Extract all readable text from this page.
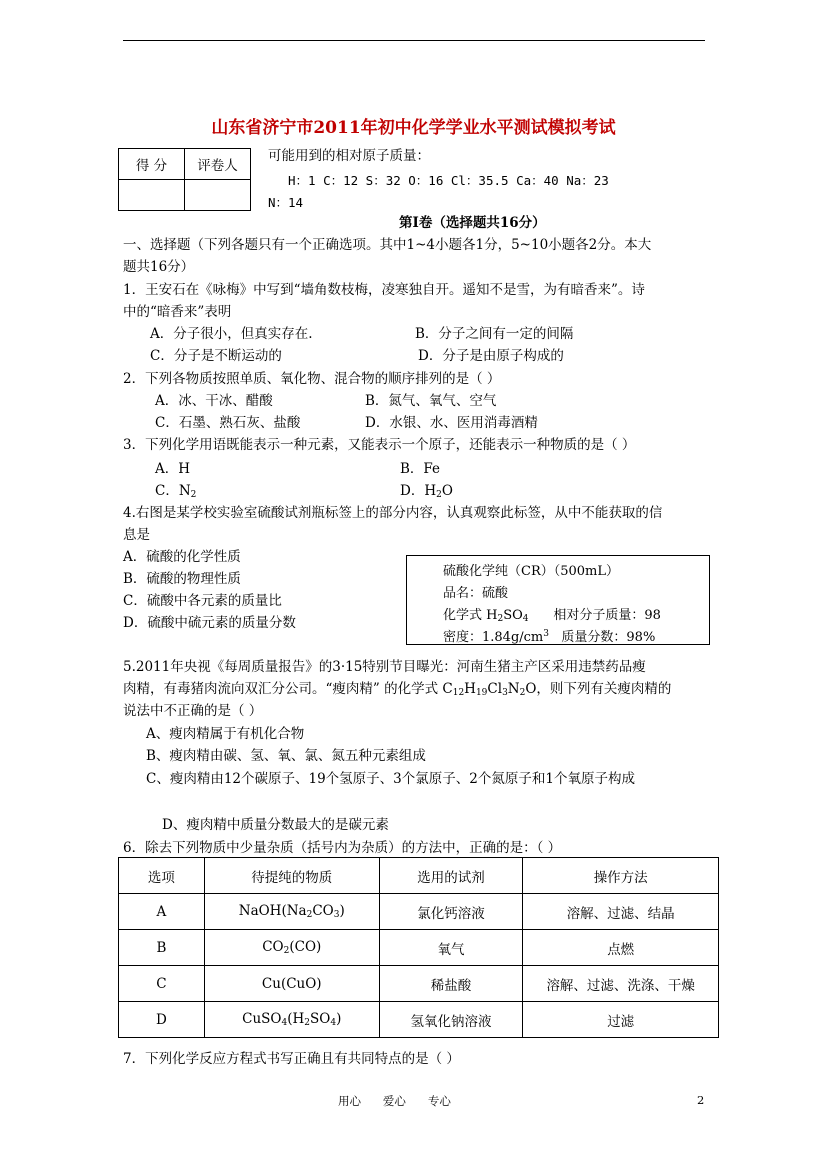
山东省济宁市2011年初中化学学业水平测试模拟考试
得 分	评卷人

可能用到的相对原子质量：
H：1 C：12 S：32 O：16 Cl：35.5 Ca：40 Na：23
N：14
第Ⅰ卷（选择题共16分）
一、选择题（下列各题只有一个正确选项。其中1~4小题各1分，5~10小题各2分。本大
题共16分）
1．王安石在《咏梅》中写到“墙角数枝梅，凌寒独自开。遥知不是雪，为有暗香来”。诗
中的“暗香来”表明
A．分子很小，但真实存在.	B．分子之间有一定的间隔
C．分子是不断运动的	D．分子是由原子构成的
2．下列各物质按照单质、氧化物、混合物的顺序排列的是（ ）
A．冰、干冰、醋酸	B．氮气、氧气、空气
C．石墨、熟石灰、盐酸	D．水银、水、医用消毒酒精
3．下列化学用语既能表示一种元素，又能表示一个原子，还能表示一种物质的是（ ）
A．H	B．Fe
C．$N_2$	D．$H_2O$
4.右图是某学校实验室硫酸试剂瓶标签上的部分内容，认真观察此标签，从中不能获取的信
息是
A．硫酸的化学性质
B．硫酸的物理性质
C．硫酸中各元素的质量比
D．硫酸中硫元素的质量分数
硫酸化学纯（CR）（500mL）
品名：硫酸
化学式 $H_2SO_4$      相对分子质量：98
密度：$1.84g/cm^3$   质量分数：98%
5.2011年央视《每周质量报告》的3·15特别节目曝光：河南生猪主产区采用违禁药品瘦
肉精，有毒猪肉流向双汇分公司。“瘦肉精” 的化学式 $C_{12}H_{19}Cl_3N_2O$，则下列有关瘦肉精的
说法中不正确的是（ ）
A、瘦肉精属于有机化合物
B、瘦肉精由碳、氢、氧、氯、氮五种元素组成
C、瘦肉精由12个碳原子、19个氢原子、3个氯原子、2个氮原子和1个氧原子构成
D、瘦肉精中质量分数最大的是碳元素
6．除去下列物质中少量杂质（括号内为杂质）的方法中，正确的是：（ ）
选项	待提纯的物质	选用的试剂	操作方法
A	$NaOH(Na_2CO_3)$	氯化钙溶液	溶解、过滤、结晶
B	$CO_2(CO)$	氧气	点燃
C	Cu(CuO)	稀盐酸	溶解、过滤、洗涤、干燥
D	$CuSO_4(H_2SO_4)$	氢氧化钠溶液	过滤
7．下列化学反应方程式书写正确且有共同特点的是（ ）
用心      爱心      专心	2
